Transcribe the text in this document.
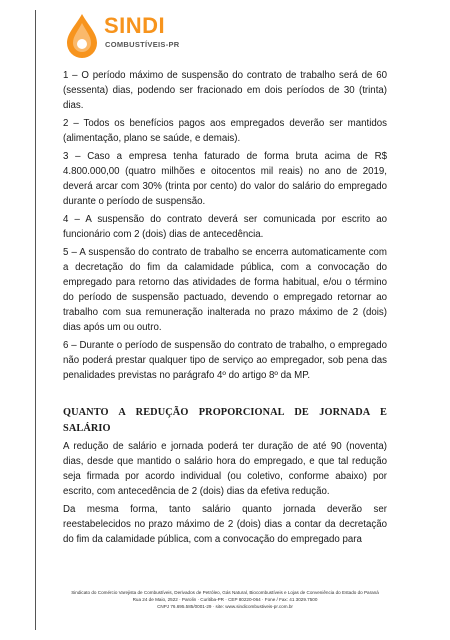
SINDI
COMBUSTÍVEIS-PR

1 – O período máximo de suspensão do contrato de trabalho será de 60 (sessenta) dias, podendo ser fracionado em dois períodos de 30 (trinta) dias.

2 – Todos os benefícios pagos aos empregados deverão ser mantidos (alimentação, plano se saúde, e demais).

3 – Caso a empresa tenha faturado de forma bruta acima de R$ 4.800.000,00 (quatro milhões e oitocentos mil reais) no ano de 2019, deverá arcar com 30% (trinta por cento) do valor do salário do empregado durante o período de suspensão.

4 – A suspensão do contrato deverá ser comunicada por escrito ao funcionário com 2 (dois) dias de antecedência.

5 – A suspensão do contrato de trabalho se encerra automaticamente com a decretação do fim da calamidade pública, com a convocação do empregado para retorno das atividades de forma habitual, e/ou o término do período de suspensão pactuado, devendo o empregado retornar ao trabalho com sua remuneração inalterada no prazo máximo de 2 (dois) dias após um ou outro.

6 – Durante o período de suspensão do contrato de trabalho, o empregado não poderá prestar qualquer tipo de serviço ao empregador, sob pena das penalidades previstas no parágrafo 4º do artigo 8º da MP.

QUANTO A REDUÇÃO PROPORCIONAL DE JORNADA E SALÁRIO

A redução de salário e jornada poderá ter duração de até 90 (noventa) dias, desde que mantido o salário hora do empregado, e que tal redução seja firmada por acordo individual (ou coletivo, conforme abaixo) por escrito, com antecedência de 2 (dois) dias da efetiva redução.

Da mesma forma, tanto salário quanto jornada deverão ser reestabelecidos no prazo máximo de 2 (dois) dias a contar da decretação do fim da calamidade pública, com a convocação do empregado para

Sindicato do Comércio Varejista de Combustíveis, Derivados de Petróleo, Gás Natural, Biocombustíveis e Lojas de Conveniência do Estado do Paraná
Rua 24 de Maio, 2522 · Parolin · Curitiba-PR · CEP 80220-064 · Fone / Fax: 41 3029.7500
CNPJ 76.695.585/0001-29 · site: www.sindicombustiveis-pr.com.br
